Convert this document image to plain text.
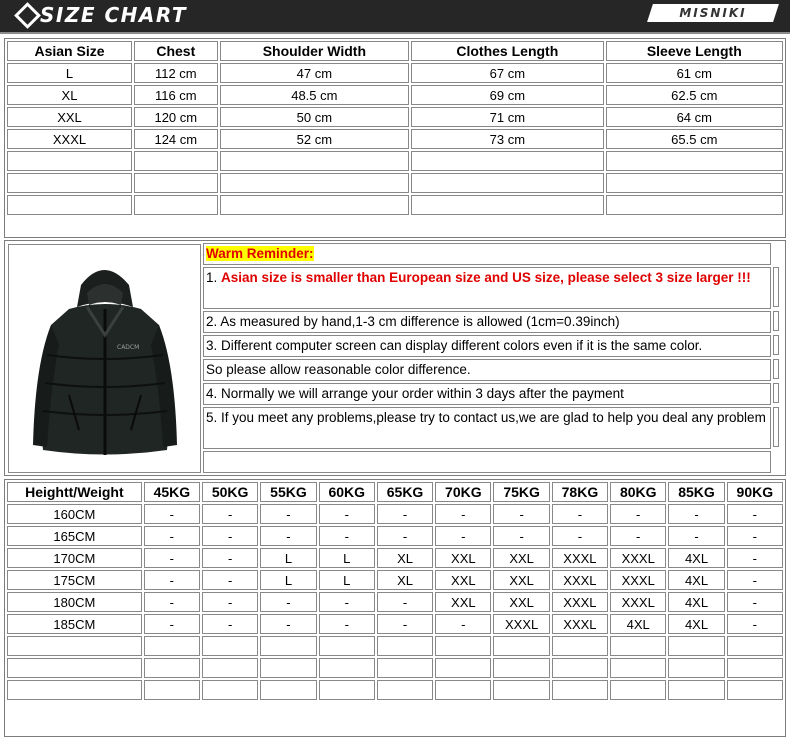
SIZE CHART	MISNIKI
Asian Size	Chest	Shoulder Width	Clothes Length	Sleeve Length
L	112 cm	47 cm	67 cm	61 cm
XL	116 cm	48.5 cm	69 cm	62.5 cm
XXL	120 cm	50 cm	71 cm	64 cm
XXXL	124 cm	52 cm	73 cm	65.5 cm

CADCM
Warm Reminder:
1. Asian size is smaller than European size and US size, please select 3 size larger !!!
2. As measured by hand,1-3 cm difference is allowed (1cm=0.39inch)
3. Different computer screen can display different colors even if it is the same color.
So please allow reasonable color difference.
4. Normally we will arrange your order within 3 days after the payment
5. If you meet any problems,please try to contact us,we are glad to help you deal any problem
Heightt/Weight	45KG	50KG	55KG	60KG	65KG	70KG	75KG	78KG	80KG	85KG	90KG
160CM	-	-	-	-	-	-	-	-	-	-	-
165CM	-	-	-	-	-	-	-	-	-	-	-
170CM	-	-	L	L	XL	XXL	XXL	XXXL	XXXL	4XL	-
175CM	-	-	L	L	XL	XXL	XXL	XXXL	XXXL	4XL	-
180CM	-	-	-	-	-	XXL	XXL	XXXL	XXXL	4XL	-
185CM	-	-	-	-	-	-	XXXL	XXXL	4XL	4XL	-
